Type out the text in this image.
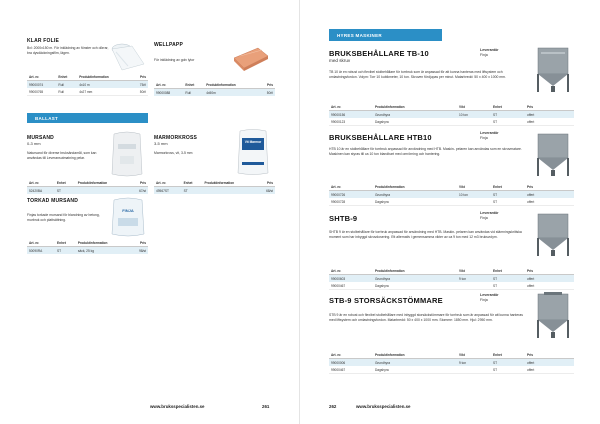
KLAR FOLIE
Bxl: 2000x150 m. För inklädning av fönster och dörrar, bra dysdäckningsfilm, lägen.
Art. nr.	Enhet	Produktinformation	Pris
99000074	Rull	4x10 m	75/rl
99000765	Rull	4x27 mm	50/rl
WELLPAPP
För inklädning av golv lytor
Art. nr.	Enhet	Produktinformation	Pris
99000088	Rull	4x50m	50/rl
BALLAST
MURSAND
0-3 mm
Natursand för diverse bruksändamål, som kan användas till Leveransutmatning pelar.
Art. nr.	Enhet	Produktinformation	Pris
52420BA	ST		67/st
MARMORKROSS
3-5 mm
Marmorkross, vit, 3-5 mm
Vit Marmor
Art. nr.	Enhet	Produktinformation	Pris
49567ST	ST		68/st
TORKAD MURSAND
Finjas torkade mursand för blandning av betong, murbruk och plattsättning.
FINJA
Art. nr.	Enhet	Produktinformation	Pris
50090RA	ST	säck, 25 kg	98/st
www.bruksspecialisten.se	261
HYRES MASKINER
BRUKSBEHÅLLARE TB-10
med skruv
Leverantör
Finja
TB 10 är en robust och flexibel stolbehållare för torrbruk som är anpassad för att kunna hanteras med liftsystem och omlastningsfordon. Volym: Torr 10 kubikmeter, 10 ton. Skruven fördjupas per minut. Matarbredd: 50 x 400 x 1000 mm.
Art. nr.	Produktinformation	Vikt	Enhet	Pris
99000156	Grundhyra	10 ton	ST	offert
99000123	Dagshyra		ST	offert
BRUKSBEHÅLLARE HTB10	Leverantör
Finja
HTB 10 är en stolbehållare för torrbruk anpassad för användning med HTB. Maskin- pelaren kan användas som en skruvmatare. Maskinen kan styras till ca 10 ton blandbart med omrörning och hantering.
Art. nr.	Produktinformation	Vikt	Enhet	Pris
99000726	Grundhyra	10 ton	ST	offert
99000728	Dagshyra		ST	offert
SHTB-9
Leverantör
Finja
SHTB 9 är en stolbehållare för torrbruk anpassad för användning med HTB. Maskin- pelaren kan användas vid stämningskritiska moment som har inbyggd skruvdosering. Ett alternativ i gemensamma vikter av ca 9 ton med 12 m3 bruksvolym.
Art. nr.	Produktinformation	Vikt	Enhet	Pris
99000603	Grundhyra	9 ton	ST	offert
99000467	Dagshyra		ST	offert
STB-9 STORSÄCKSTÖMMARE
Leverantör
Finja
STB 9 är en robust och flexibel stolbehållare med inbyggd storsäckstömmare för torrbruk som är anpassad för att kunna hanteras med liftsystem och omlastningsfordon. Matarbredd: 50 x 400 x 1000 mm. Stomme: 1850 mm. Hjul: 2950 mm.
Art. nr.	Produktinformation	Vikt	Enhet	Pris
99000006	Grundhyra	9 ton	ST	offert
99000467	Dagshyra		ST	offert
262	www.bruksspecialisten.se
